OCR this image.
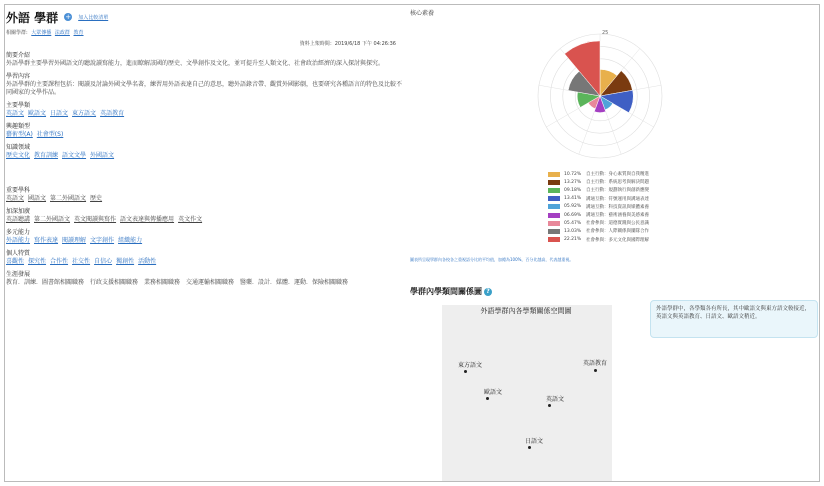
外語 學群 + 加入比較清單
相關學群: 大眾傳播 法政群 教育
資料上架時間：2019/6/18 下午 04:26:36
簡要介紹
外語學群主要學習外國語文的聽說讀寫能力，進而瞭解該國的歷史、文學創作及文化，並可提升至人類文化、社會政治經濟的深入探討與探究。
學習內容
外語學群的主要課程包括：閱讀及討論外國文學名著，練習用外語表達自己的意思，聽外語錄音帶、觀賞外國影劇，也要研究各種語言的特色及比較不同國家的文學作品。
主要學類
英語文 歐語文 日語文 東方語文 英語教育
興趣類型
藝術型(A) 社會型(S)
知識領域
歷史文化 教育訓練 語文文學 外國語文
重要學科
英語文 國語文 第二外國語文 歷史
加深加廣
英語聽講 第二外國語文 英文閱讀與寫作 語文表達與傳播應用 英文作文
多元能力
外語能力 寫作表達 閱讀理解 文字創作 組織能力
個人特質
喜觀性 探究性 合作性 社交性 自信心 獨創性 活動性
生涯發展
教育．訓練．圖書館相關職務　行政支援相關職務　業務相關職務　交通運輸相關職務　醫藥．設計．媒體．運動．保險相關職務
核心素養
25
10.72%	自主行動：身心素質與自我精進
13.27%	自主行動：系統思考與解決問題
09.18%	自主行動：規劃執行與創新應變
13.41%	溝通互動：符號運用與溝通表達
05.92%	溝通互動：科技資訊與媒體素養
06.69%	溝通互動：藝術涵養與美感素養
05.47%	社會參與：道德實踐與公民意識
13.03%	社會參與：人際關係與團隊合作
22.21%	社會參與：多元文化與國際理解
圖表所呈現學群內各校各之重視語分比的平均值，加總為100%，百分比越高，代表越重視。
學群內學類間關係圖 ?
外語學群內各學類關係空間圖
東方語文	英語教育
歐語文
英語文
日語文
外語學群中，各學類各有所長，其中歐語文與東方語文較接近，英語文與英語教育、日語文、歐語文稍近。
